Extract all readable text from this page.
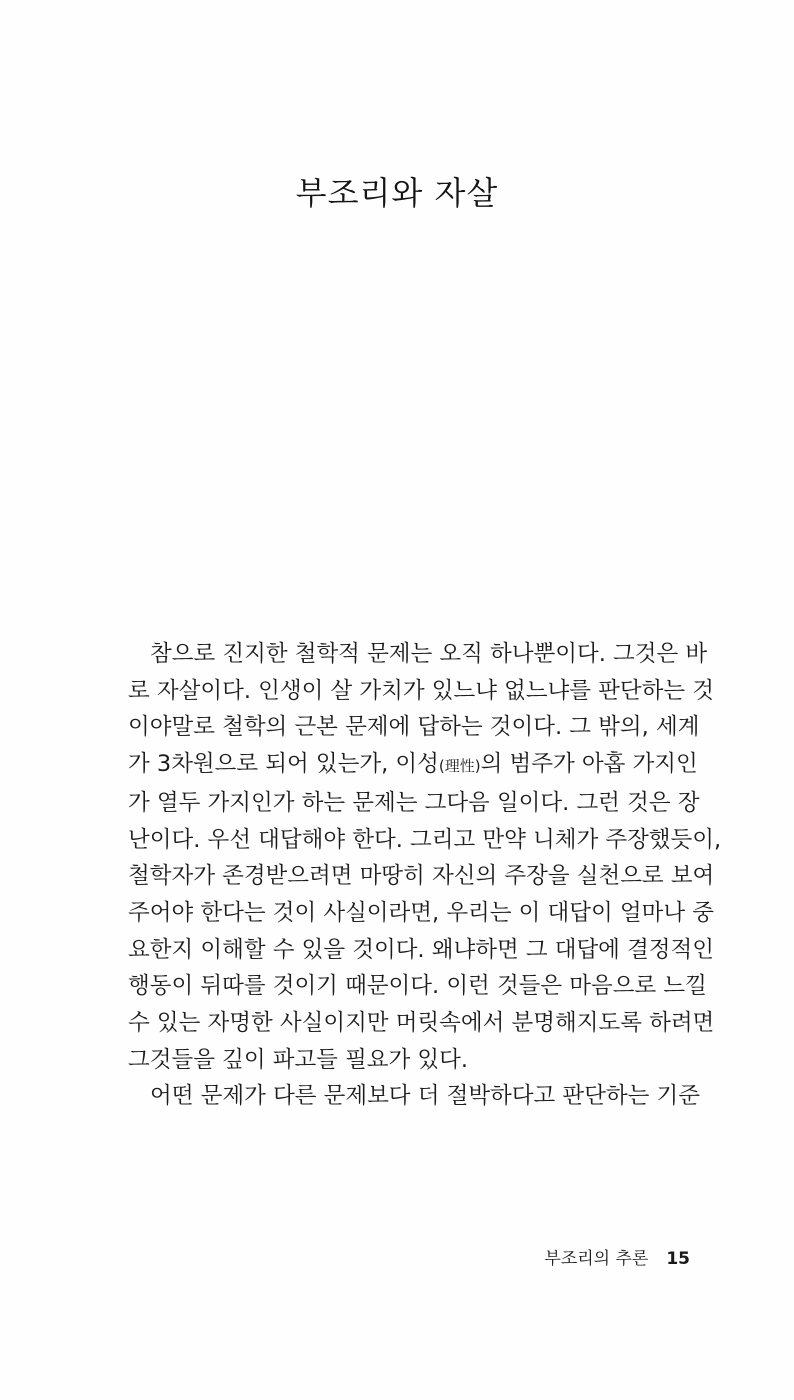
부조리와 자살
참으로 진지한 철학적 문제는 오직 하나뿐이다. 그것은 바
로 자살이다. 인생이 살 가치가 있느냐 없느냐를 판단하는 것
이야말로 철학의 근본 문제에 답하는 것이다. 그 밖의, 세계
가 3차원으로 되어 있는가, 이성(理性)의 범주가 아홉 가지인
가 열두 가지인가 하는 문제는 그다음 일이다. 그런 것은 장
난이다. 우선 대답해야 한다. 그리고 만약 니체가 주장했듯이,
철학자가 존경받으려면 마땅히 자신의 주장을 실천으로 보여
주어야 한다는 것이 사실이라면, 우리는 이 대답이 얼마나 중
요한지 이해할 수 있을 것이다. 왜냐하면 그 대답에 결정적인
행동이 뒤따를 것이기 때문이다. 이런 것들은 마음으로 느낄
수 있는 자명한 사실이지만 머릿속에서 분명해지도록 하려면
그것들을 깊이 파고들 필요가 있다.
어떤 문제가 다른 문제보다 더 절박하다고 판단하는 기준
부조리의 추론 15
